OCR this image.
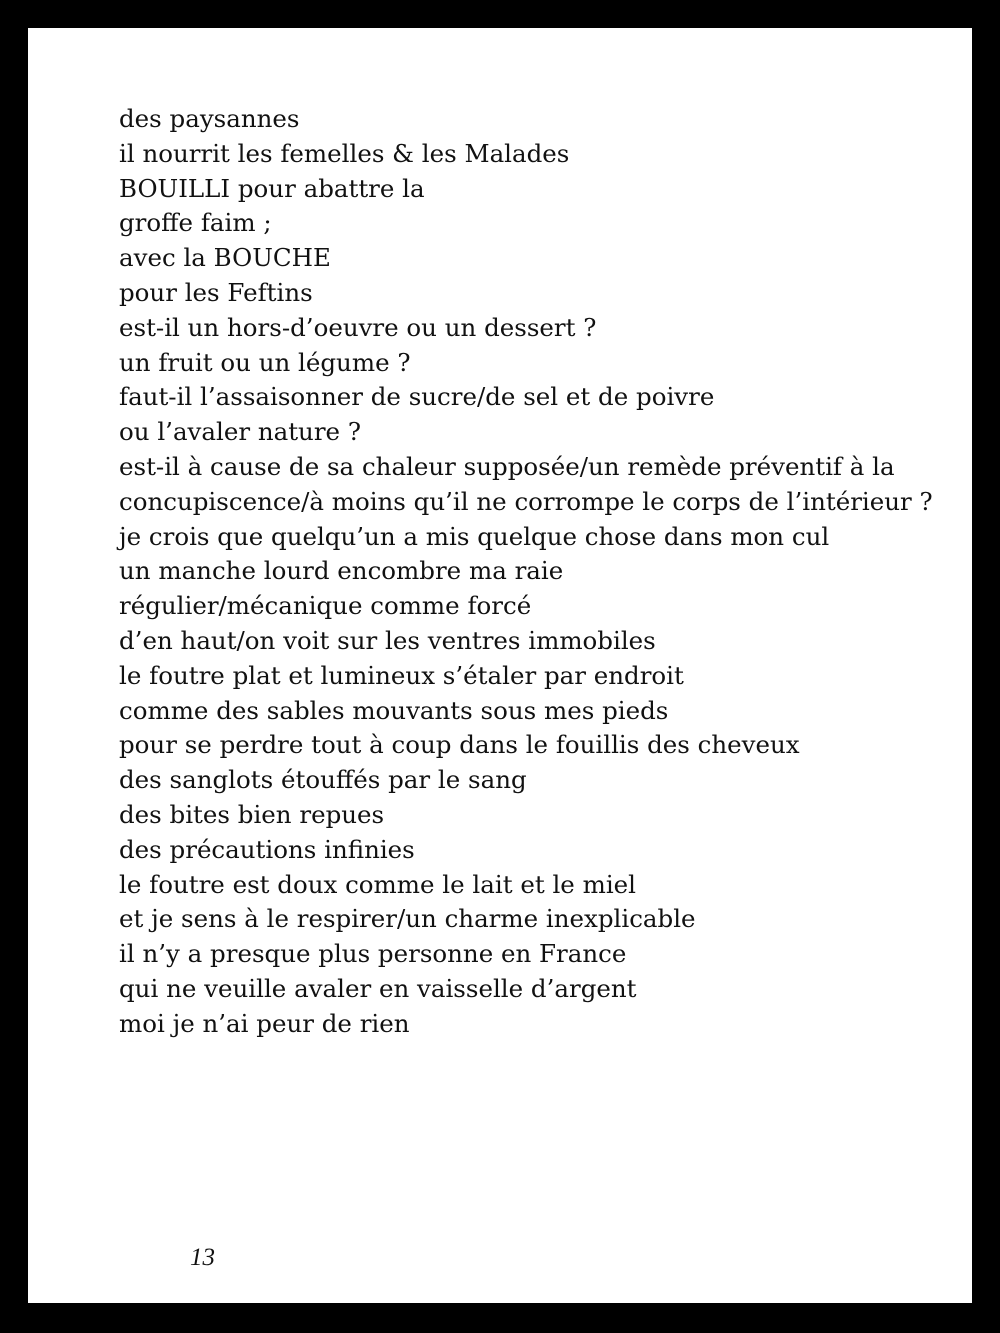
des paysannes
il nourrit les femelles & les Malades
BOUILLI pour abattre la
groffe faim ;
avec la BOUCHE
pour les Feftins
est-il un hors-d’oeuvre ou un dessert ?
un fruit ou un légume ?
faut-il l’assaisonner de sucre/de sel et de poivre
ou l’avaler nature ?
est-il à cause de sa chaleur supposée/un remède préventif à la
concupiscence/à moins qu’il ne corrompe le corps de l’intérieur ?
je crois que quelqu’un a mis quelque chose dans mon cul
un manche lourd encombre ma raie
régulier/mécanique comme forcé
d’en haut/on voit sur les ventres immobiles
le foutre plat et lumineux s’étaler par endroit
comme des sables mouvants sous mes pieds
pour se perdre tout à coup dans le fouillis des cheveux
des sanglots étouffés par le sang
des bites bien repues
des précautions infinies
le foutre est doux comme le lait et le miel
et je sens à le respirer/un charme inexplicable
il n’y a presque plus personne en France
qui ne veuille avaler en vaisselle d’argent
moi je n’ai peur de rien
13
